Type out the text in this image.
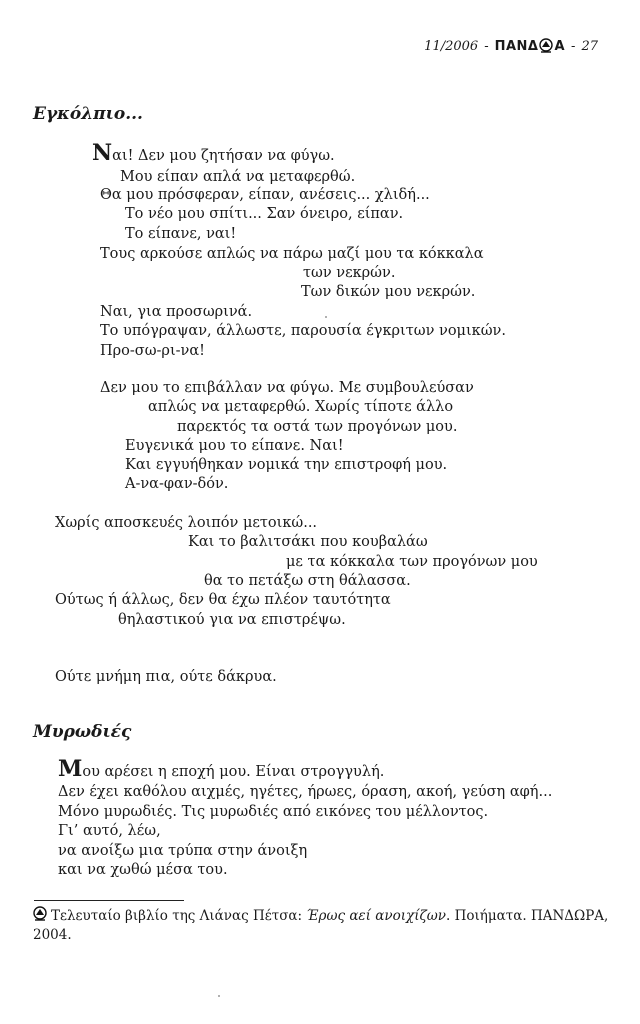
11/2006 - ΠΑΝΔ Α - 27
Εγκόλπιο...
Ναι! Δεν μου ζητήσαν να φύγω.
Μου είπαν απλά να μεταφερθώ.
Θα μου πρόσφεραν, είπαν, ανέσεις... χλιδή...
Το νέο μου σπίτι... Σαν όνειρο, είπαν.
Το είπανε, ναι!
Τους αρκούσε απλώς να πάρω μαζί μου τα κόκκαλα
των νεκρών.
Των δικών μου νεκρών.
Ναι, για προσωρινά.
Το υπόγραψαν, άλλωστε, παρουσία έγκριτων νομικών.
Προ-σω-ρι-να!
Δεν μου το επιβάλλαν να φύγω. Με συμβουλεύσαν
απλώς να μεταφερθώ. Χωρίς τίποτε άλλο
παρεκτός τα οστά των προγόνων μου.
Ευγενικά μου το είπανε. Ναι!
Και εγγυήθηκαν νομικά την επιστροφή μου.
Α-να-φαν-δόν.
Χωρίς αποσκευές λοιπόν μετοικώ...
Και το βαλιτσάκι που κουβαλάω
με τα κόκκαλα των προγόνων μου
θα το πετάξω στη θάλασσα.
Ούτως ή άλλως, δεν θα έχω πλέον ταυτότητα
θηλαστικού για να επιστρέψω.
Ούτε μνήμη πια, ούτε δάκρυα.
Μυρωδιές
Μου αρέσει η εποχή μου. Είναι στρογγυλή.
Δεν έχει καθόλου αιχμές, ηγέτες, ήρωες, όραση, ακοή, γεύση αφή...
Μόνο μυρωδιές. Τις μυρωδιές από εικόνες του μέλλοντος.
Γι’ αυτό, λέω,
να ανοίξω μια τρύπα στην άνοιξη
και να χωθώ μέσα του.
Τελευταίο βιβλίο της Λιάνας Πέτσα: Έρως αεί ανοιχίζων. Ποιήματα. ΠΑΝΔΩΡΑ,
2004.
